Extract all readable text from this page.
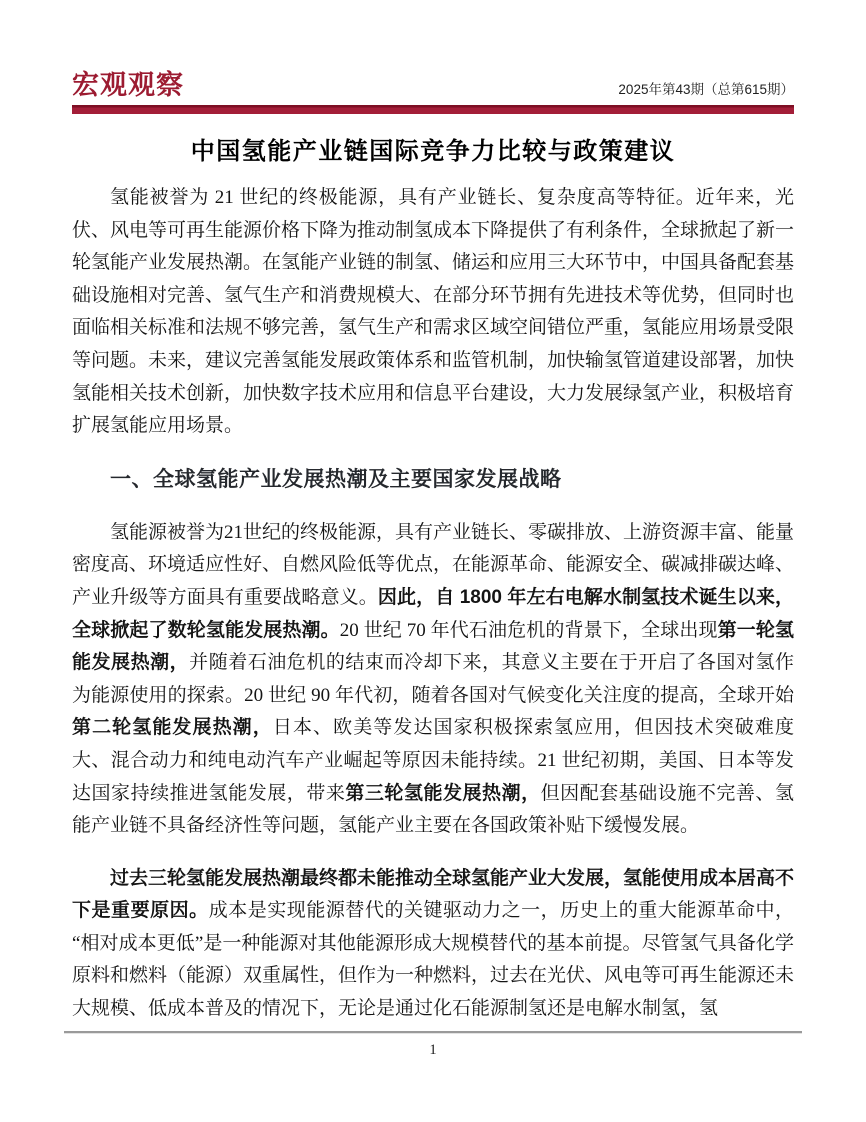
宏观观察	2025年第43期（总第615期）
中国氢能产业链国际竞争力比较与政策建议

氢能被誉为 21 世纪的终极能源，具有产业链长、复杂度高等特征。近年来，光伏、风电等可再生能源价格下降为推动制氢成本下降提供了有利条件，全球掀起了新一轮氢能产业发展热潮。在氢能产业链的制氢、储运和应用三大环节中，中国具备配套基础设施相对完善、氢气生产和消费规模大、在部分环节拥有先进技术等优势，但同时也面临相关标准和法规不够完善，氢气生产和需求区域空间错位严重，氢能应用场景受限等问题。未来，建议完善氢能发展政策体系和监管机制，加快输氢管道建设部署，加快氢能相关技术创新，加快数字技术应用和信息平台建设，大力发展绿氢产业，积极培育扩展氢能应用场景。

一、全球氢能产业发展热潮及主要国家发展战略

氢能源被誉为21世纪的终极能源，具有产业链长、零碳排放、上游资源丰富、能量密度高、环境适应性好、自燃风险低等优点，在能源革命、能源安全、碳减排碳达峰、产业升级等方面具有重要战略意义。因此，自 1800 年左右电解水制氢技术诞生以来，全球掀起了数轮氢能发展热潮。20 世纪 70 年代石油危机的背景下，全球出现第一轮氢能发展热潮，并随着石油危机的结束而冷却下来，其意义主要在于开启了各国对氢作为能源使用的探索。20 世纪 90 年代初，随着各国对气候变化关注度的提高，全球开始第二轮氢能发展热潮，日本、欧美等发达国家积极探索氢应用，但因技术突破难度大、混合动力和纯电动汽车产业崛起等原因未能持续。21 世纪初期，美国、日本等发达国家持续推进氢能发展，带来第三轮氢能发展热潮，但因配套基础设施不完善、氢能产业链不具备经济性等问题，氢能产业主要在各国政策补贴下缓慢发展。

过去三轮氢能发展热潮最终都未能推动全球氢能产业大发展，氢能使用成本居高不下是重要原因。成本是实现能源替代的关键驱动力之一，历史上的重大能源革命中，“相对成本更低”是一种能源对其他能源形成大规模替代的基本前提。尽管氢气具备化学原料和燃料（能源）双重属性，但作为一种燃料，过去在光伏、风电等可再生能源还未大规模、低成本普及的情况下，无论是通过化石能源制氢还是电解水制氢，氢

1
